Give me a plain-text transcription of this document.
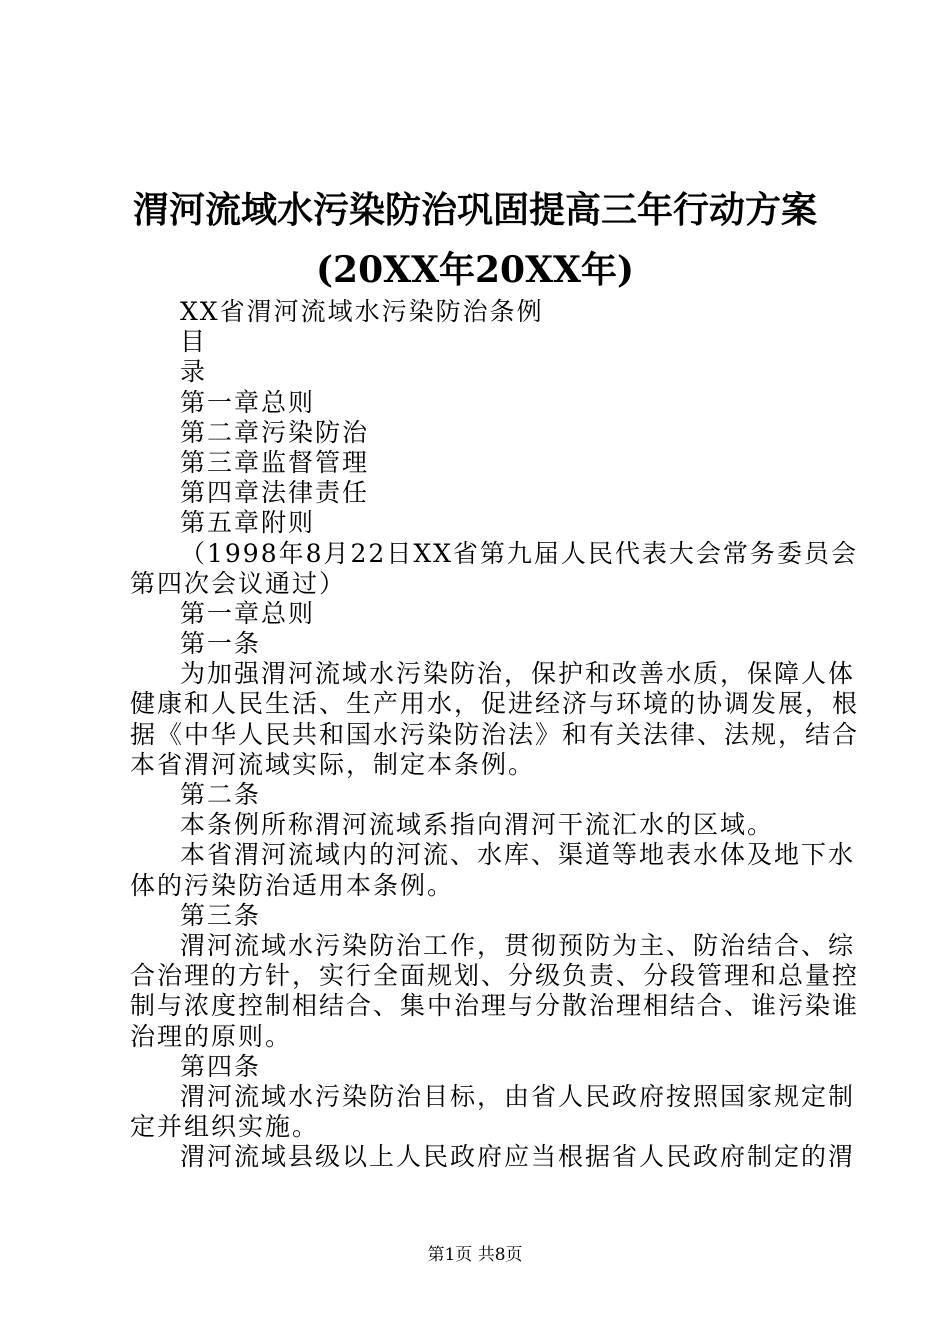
渭河流域水污染防治巩固提高三年行动方案
(20XX年20XX年)
XX省渭河流域水污染防治条例
目
录
第一章总则
第二章污染防治
第三章监督管理
第四章法律责任
第五章附则
（1998年8月22日XX省第九届人民代表大会常务委员会
第四次会议通过）
第一章总则
第一条
为加强渭河流域水污染防治，保护和改善水质，保障人体
健康和人民生活、生产用水，促进经济与环境的协调发展，根
据《中华人民共和国水污染防治法》和有关法律、法规，结合
本省渭河流域实际，制定本条例。
第二条
本条例所称渭河流域系指向渭河干流汇水的区域。
本省渭河流域内的河流、水库、渠道等地表水体及地下水
体的污染防治适用本条例。
第三条
渭河流域水污染防治工作，贯彻预防为主、防治结合、综
合治理的方针，实行全面规划、分级负责、分段管理和总量控
制与浓度控制相结合、集中治理与分散治理相结合、谁污染谁
治理的原则。
第四条
渭河流域水污染防治目标，由省人民政府按照国家规定制
定并组织实施。
渭河流域县级以上人民政府应当根据省人民政府制定的渭
第1页 共8页
